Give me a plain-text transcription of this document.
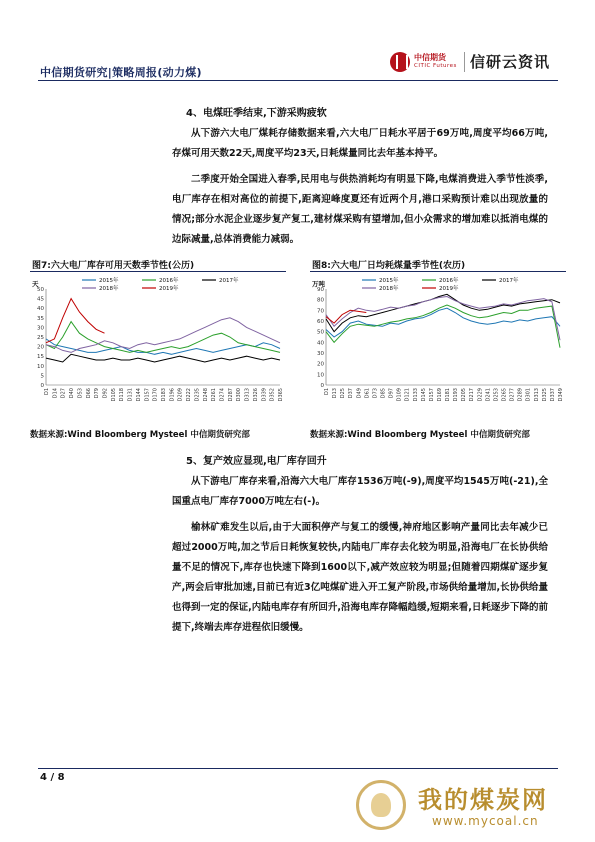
中信期货研究|策略周报(动力煤)
中信期货
CITIC Futures 信研云资讯
4、电煤旺季结束,下游采购疲软
从下游六大电厂煤耗存储数据来看,六大电厂日耗水平居于69万吨,周度平均66万吨,存煤可用天数22天,周度平均23天,日耗煤量同比去年基本持平。
二季度开始全国进入春季,民用电与供热消耗均有明显下降,电煤消费进入季节性淡季,电厂库存在相对高位的前提下,距离迎峰度夏还有近两个月,港口采购预计难以出现放量的情况;部分水泥企业逐步复产复工,建材煤采购有望增加,但小众需求的增加难以抵消电煤的边际减量,总体消费能力减弱。
图7:六大电厂库存可用天数季节性(公历)	图8:六大电厂日均耗煤量季节性(农历)
天
0
5
10
15
20
25
30
35
40
45
50
D1 D14 D27 D40 D53 D66 D79 D92 D105 D118 D131 D144 D157 D170 D183 D196 D209 D222 D235 D248 D261 D274 D287 D300 D313 D326 D339 D352 D365
2015年	2016年	2017年
2018年	2019年
万吨
0
10
20
30
40
50
60
70
80
90
D1 D13 D25 D37 D49 D61 D73 D85 D97 D109 D121 D133 D145 D157 D169 D181 D193 D205 D217 D229 D241 D253 D265 D277 D289 D301 D313 D325 D337 D349
2015年	2016年	2017年
2018年	2019年
数据来源:Wind Bloomberg Mysteel 中信期货研究部	数据来源:Wind Bloomberg Mysteel 中信期货研究部
5、复产效应显现,电厂库存回升
从下游电厂库存来看,沿海六大电厂库存1536万吨(-9),周度平均1545万吨(-21),全国重点电厂库存7000万吨左右(-)。
榆林矿难发生以后,由于大面积停产与复工的缓慢,神府地区影响产量同比去年减少已超过2000万吨,加之节后日耗恢复较快,内陆电厂库存去化较为明显,沿海电厂在长协供给量不足的情况下,库存也快速下降到1600以下,减产效应较为明显;但随着四期煤矿逐步复产,两会后审批加速,目前已有近3亿吨煤矿进入开工复产阶段,市场供给量增加,长协供给量也得到一定的保证,内陆电库存有所回升,沿海电库存降幅趋缓,短期来看,日耗逐步下降的前提下,终端去库存进程依旧缓慢。
4 / 8
我的煤炭网
www.mycoal.cn
